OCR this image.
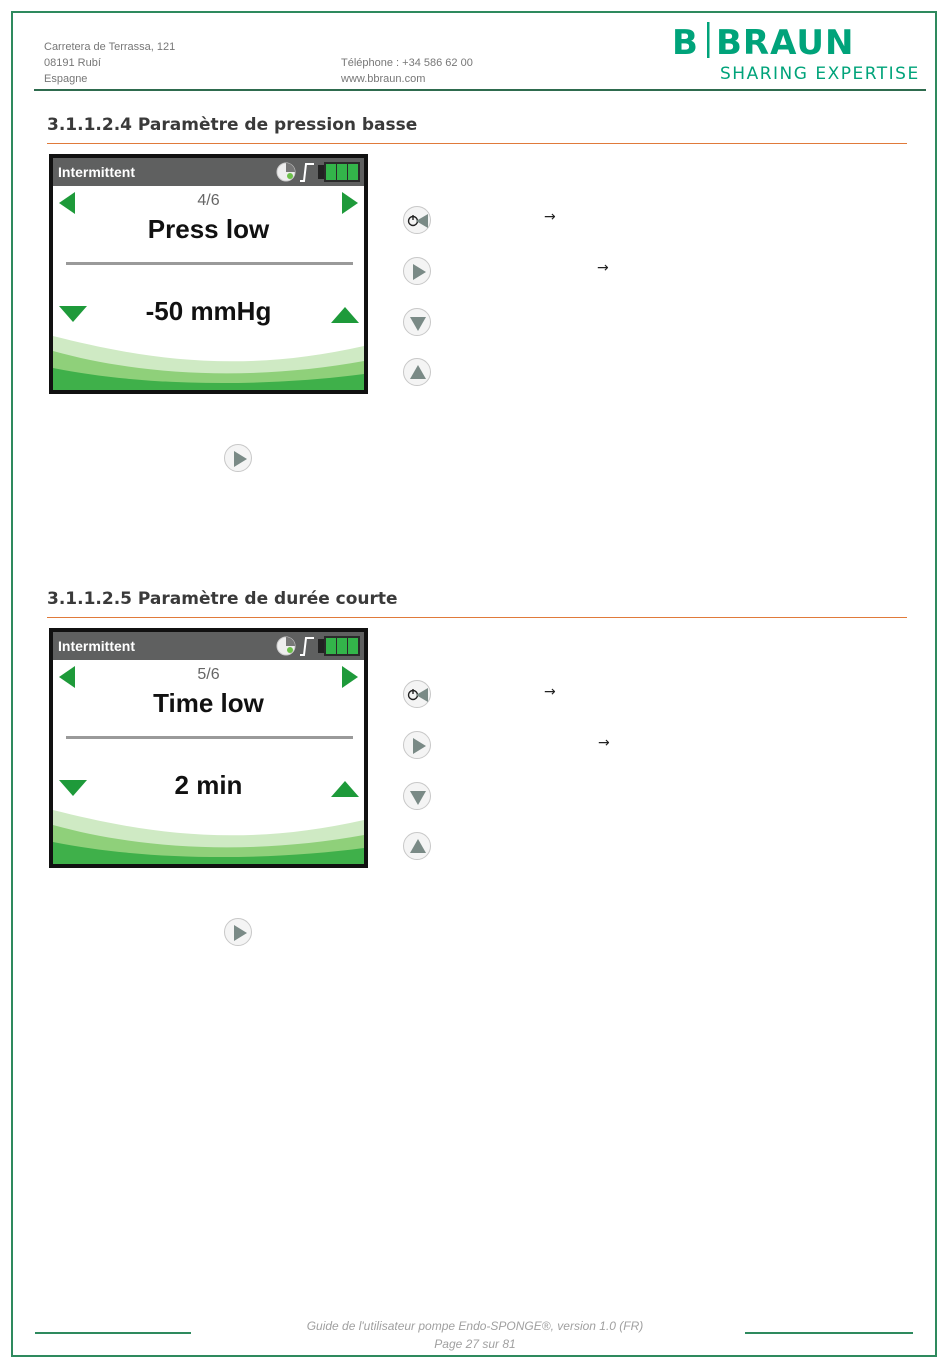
Carretera de Terrassa, 121
08191 Rubí
Espagne
Téléphone : +34 586 62 00
www.bbraun.com
B BRAUN
SHARING EXPERTISE
3.1.1.2.4 Paramètre de pression basse
Intermittent
4/6
Press low
-50 mmHg
→
→
3.1.1.2.5 Paramètre de durée courte
Intermittent
5/6
Time low
2 min
→
→
Guide de l'utilisateur pompe Endo-SPONGE®, version 1.0 (FR)
Page 27 sur 81
